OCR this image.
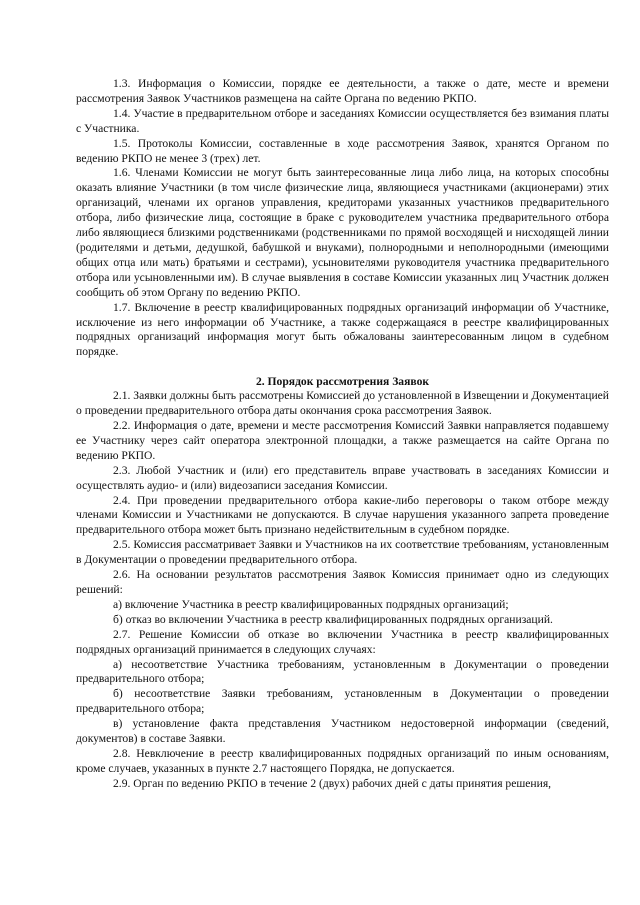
1.3. Информация о Комиссии, порядке ее деятельности, а также о дате, месте и времени рассмотрения Заявок Участников размещена на сайте Органа по ведению РКПО.

1.4. Участие в предварительном отборе и заседаниях Комиссии осуществляется без взимания платы с Участника.

1.5. Протоколы Комиссии, составленные в ходе рассмотрения Заявок, хранятся Органом по ведению РКПО не менее 3 (трех) лет.

1.6. Членами Комиссии не могут быть заинтересованные лица либо лица, на которых способны оказать влияние Участники (в том числе физические лица, являющиеся участниками (акционерами) этих организаций, членами их органов управления, кредиторами указанных участников предварительного отбора, либо физические лица, состоящие в браке с руководителем участника предварительного отбора либо являющиеся близкими родственниками (родственниками по прямой восходящей и нисходящей линии (родителями и детьми, дедушкой, бабушкой и внуками), полнородными и неполнородными (имеющими общих отца или мать) братьями и сестрами), усыновителями руководителя участника предварительного отбора или усыновленными им). В случае выявления в составе Комиссии указанных лиц Участник должен сообщить об этом Органу по ведению РКПО.

1.7. Включение в реестр квалифицированных подрядных организаций информации об Участнике, исключение из него информации об Участнике, а также содержащаяся в реестре квалифицированных подрядных организаций информация могут быть обжалованы заинтересованным лицом в судебном порядке.

2. Порядок рассмотрения Заявок

2.1. Заявки должны быть рассмотрены Комиссией до установленной в Извещении и Документацией о проведении предварительного отбора даты окончания срока рассмотрения Заявок.

2.2. Информация о дате, времени и месте рассмотрения Комиссий Заявки направляется подавшему ее Участнику через сайт оператора электронной площадки, а также размещается на сайте Органа по ведению РКПО.

2.3. Любой Участник и (или) его представитель вправе участвовать в заседаниях Комиссии и осуществлять аудио- и (или) видеозаписи заседания Комиссии.

2.4. При проведении предварительного отбора какие-либо переговоры о таком отборе между членами Комиссии и Участниками не допускаются. В случае нарушения указанного запрета проведение предварительного отбора может быть признано недействительным в судебном порядке.

2.5. Комиссия рассматривает Заявки и Участников на их соответствие требованиям, установленным в Документации о проведении предварительного отбора.

2.6. На основании результатов рассмотрения Заявок Комиссия принимает одно из следующих решений:

а) включение Участника в реестр квалифицированных подрядных организаций;

б) отказ во включении Участника в реестр квалифицированных подрядных организаций.

2.7. Решение Комиссии об отказе во включении Участника в реестр квалифицированных подрядных организаций принимается в следующих случаях:

а) несоответствие Участника требованиям, установленным в Документации о проведении предварительного отбора;

б) несоответствие Заявки требованиям, установленным в Документации о проведении предварительного отбора;

в) установление факта представления Участником недостоверной информации (сведений, документов) в составе Заявки.

2.8. Невключение в реестр квалифицированных подрядных организаций по иным основаниям, кроме случаев, указанных в пункте 2.7 настоящего Порядка, не допускается.

2.9. Орган по ведению РКПО в течение 2 (двух) рабочих дней с даты принятия решения,
